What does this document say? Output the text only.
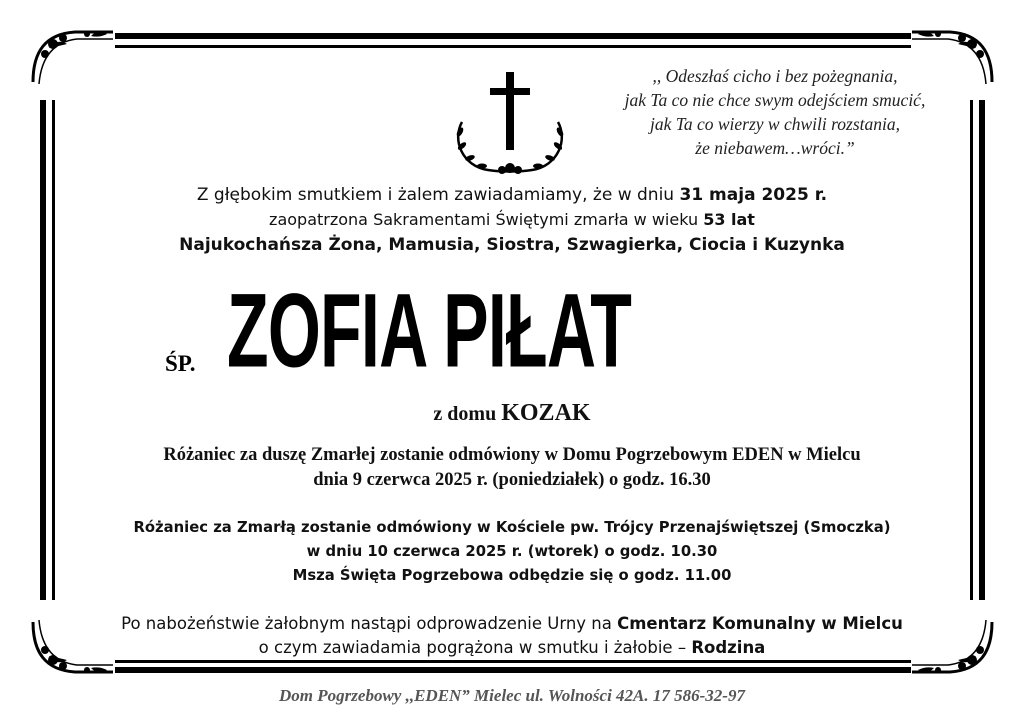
,, Odeszłaś cicho i bez pożegnania,
jak Ta co nie chce swym odejściem smucić,
jak Ta co wierzy w chwili rozstania,
że niebawem…wróci.”
Z głębokim smutkiem i żalem zawiadamiamy, że w dniu 31 maja 2025 r.
zaopatrzona Sakramentami Świętymi zmarła w wieku 53 lat
Najukochańsza Żona, Mamusia, Siostra, Szwagierka, Ciocia i Kuzynka
ŚP. ZOFIA PIŁAT
z domu KOZAK
Różaniec za duszę Zmarłej zostanie odmówiony w Domu Pogrzebowym EDEN w Mielcu
dnia 9 czerwca 2025 r. (poniedziałek) o godz. 16.30
Różaniec za Zmarłą zostanie odmówiony w Kościele pw. Trójcy Przenajświętszej (Smoczka)
w dniu 10 czerwca 2025 r. (wtorek) o godz. 10.30
Msza Święta Pogrzebowa odbędzie się o godz. 11.00
Po nabożeństwie żałobnym nastąpi odprowadzenie Urny na Cmentarz Komunalny w Mielcu
o czym zawiadamia pogrążona w smutku i żałobie – Rodzina
Dom Pogrzebowy ,,EDEN” Mielec ul. Wolności 42A. 17 586-32-97
